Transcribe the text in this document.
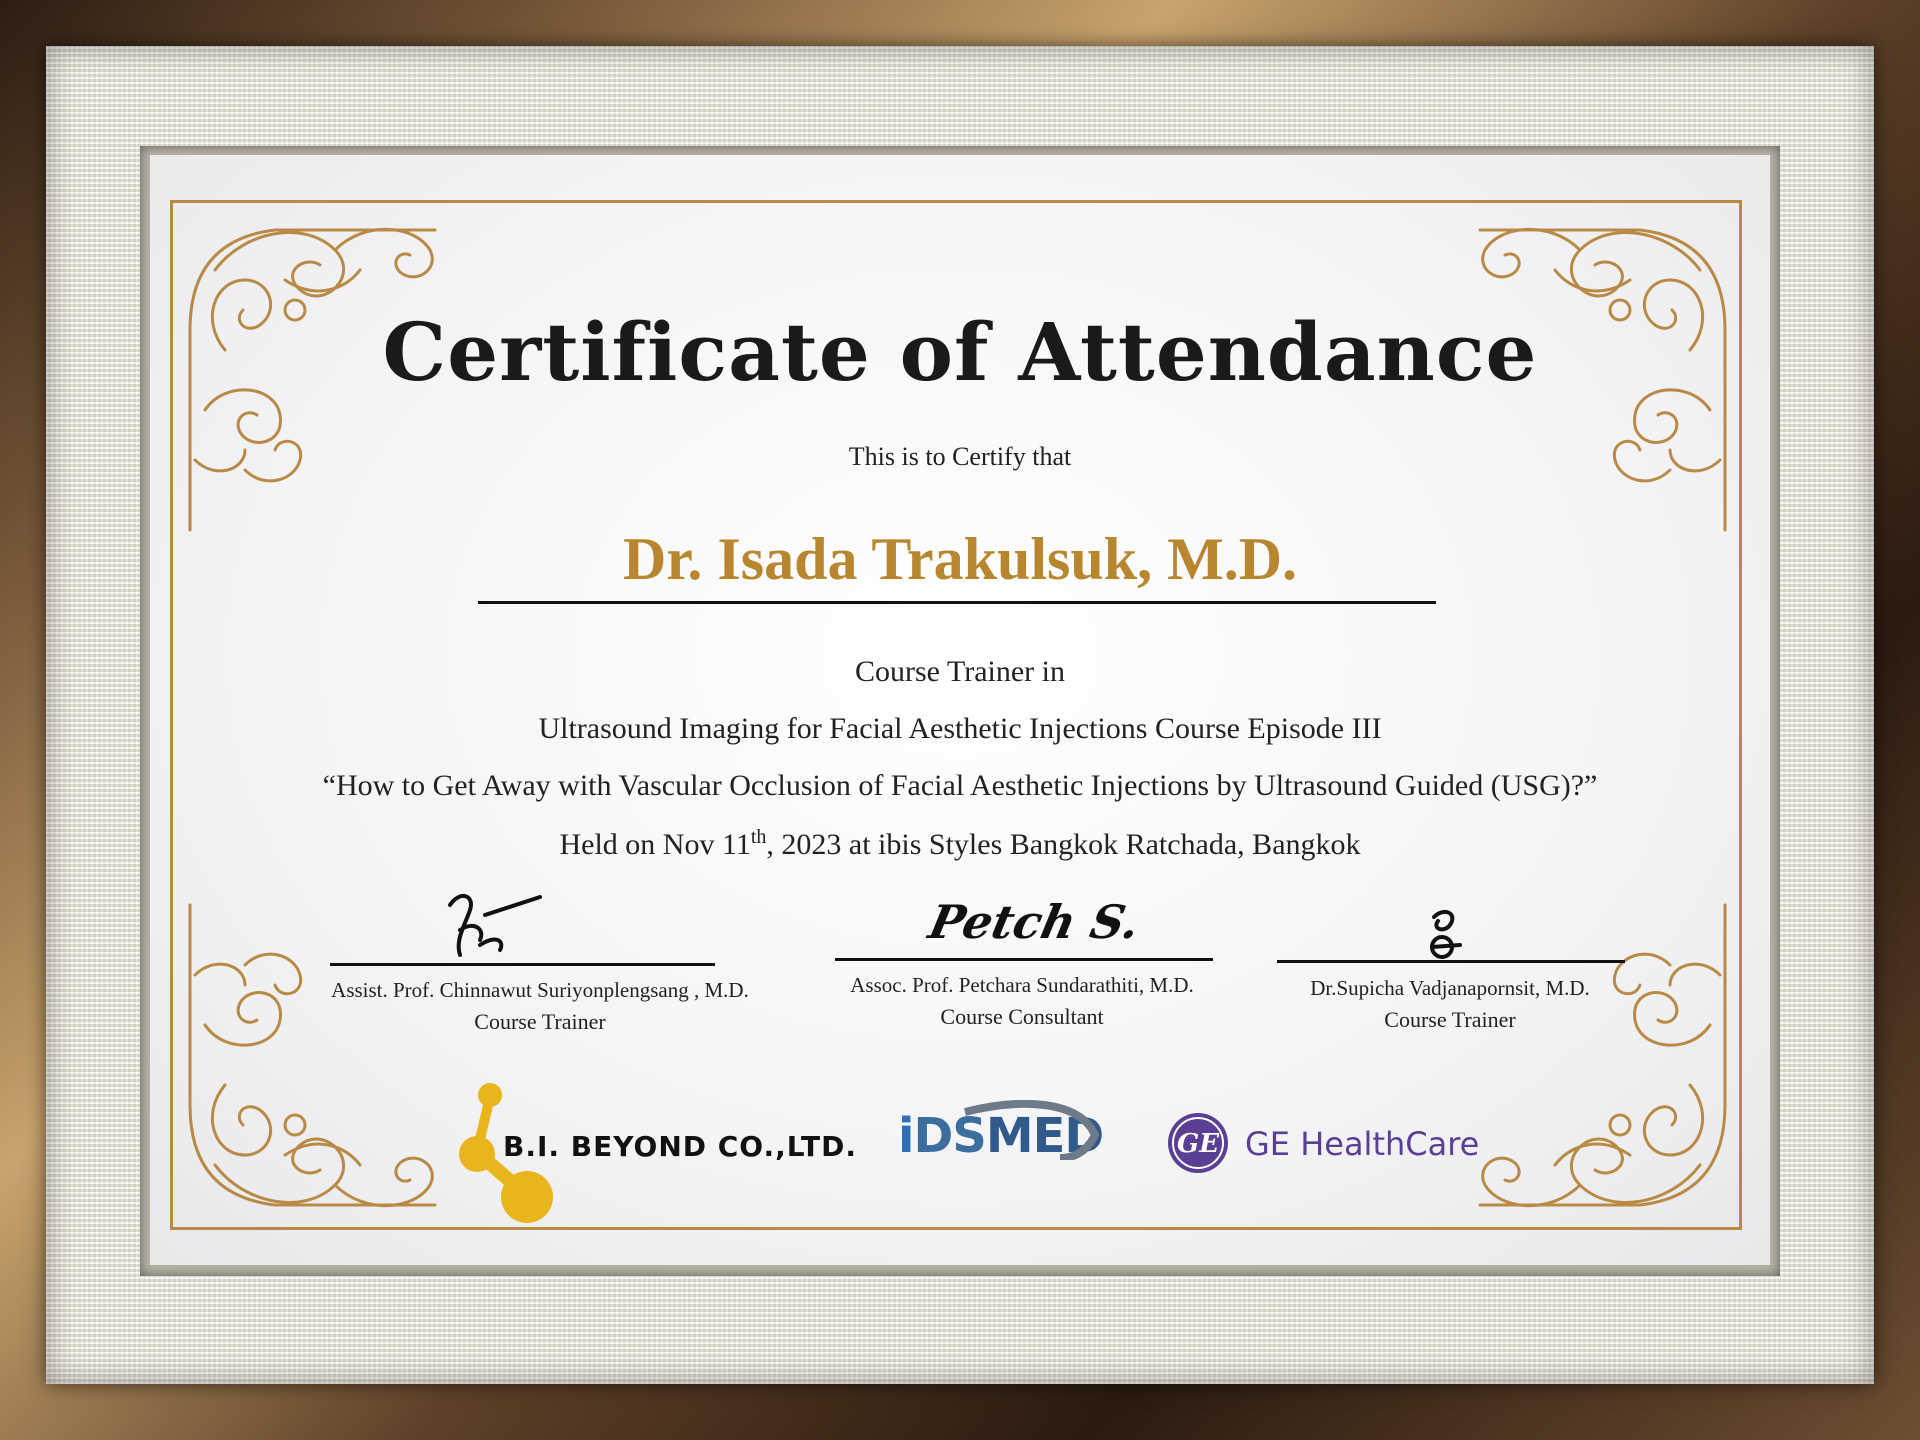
Certificate of Attendance
This is to Certify that
Dr. Isada Trakulsuk, M.D.
Course Trainer in
Ultrasound Imaging for Facial Aesthetic Injections Course Episode III
“How to Get Away with Vascular Occlusion of Facial Aesthetic Injections by Ultrasound Guided (USG)?”
Held on Nov 11th, 2023 at ibis Styles Bangkok Ratchada, Bangkok
Assist. Prof. Chinnawut Suriyonplengsang , M.D.
Course Trainer
Petch S.
Assoc. Prof. Petchara Sundarathiti, M.D.
Course Consultant
Dr.Supicha Vadjanapornsit, M.D.
Course Trainer
B.I. BEYOND CO.,LTD. iDSMED	GE GE HealthCare
